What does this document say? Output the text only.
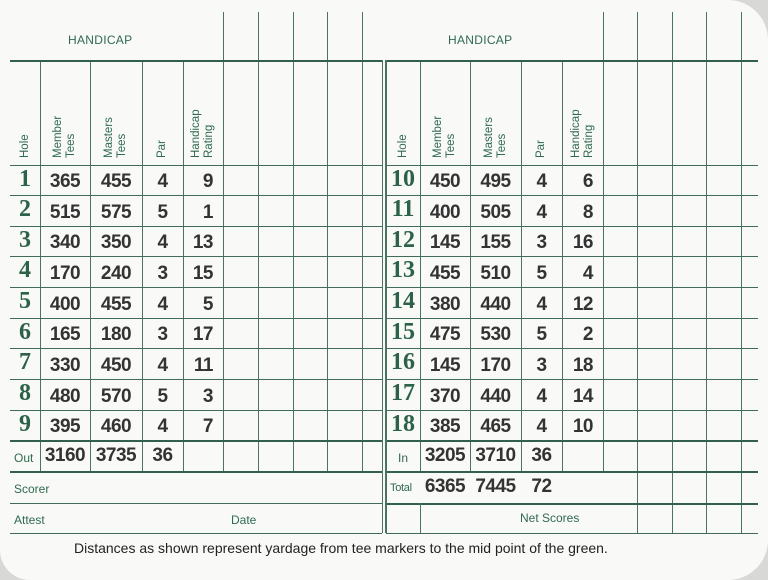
HANDICAP
Hole Member Tees Masters Tees Par Handicap Rating
1 365	455	4	9
2 515	575	5	1
3 340	350	4	13
4 170	240	3	15
5 400	455	4	5
6 165	180	3	17
7 330	450	4	11
8 480	570	5	3
9 395	460	4	7
HANDICAP
Hole Member Tees Masters Tees Par Handicap Rating
10 450	495	4	6
11 400	505	4	8
12 145	155	3	16
13 455	510	5	4
14 380	440	4	12
15 475	530	5	2
16 145	170	3	18
17 370	440	4	14
18 385	465	4	10
Out 3160 3735 36
Scorer
Attest	Date
In 3205 3710 36
Total 6365 7445 72
Net Scores
Distances as shown represent yardage from tee markers to the mid point of the green.
